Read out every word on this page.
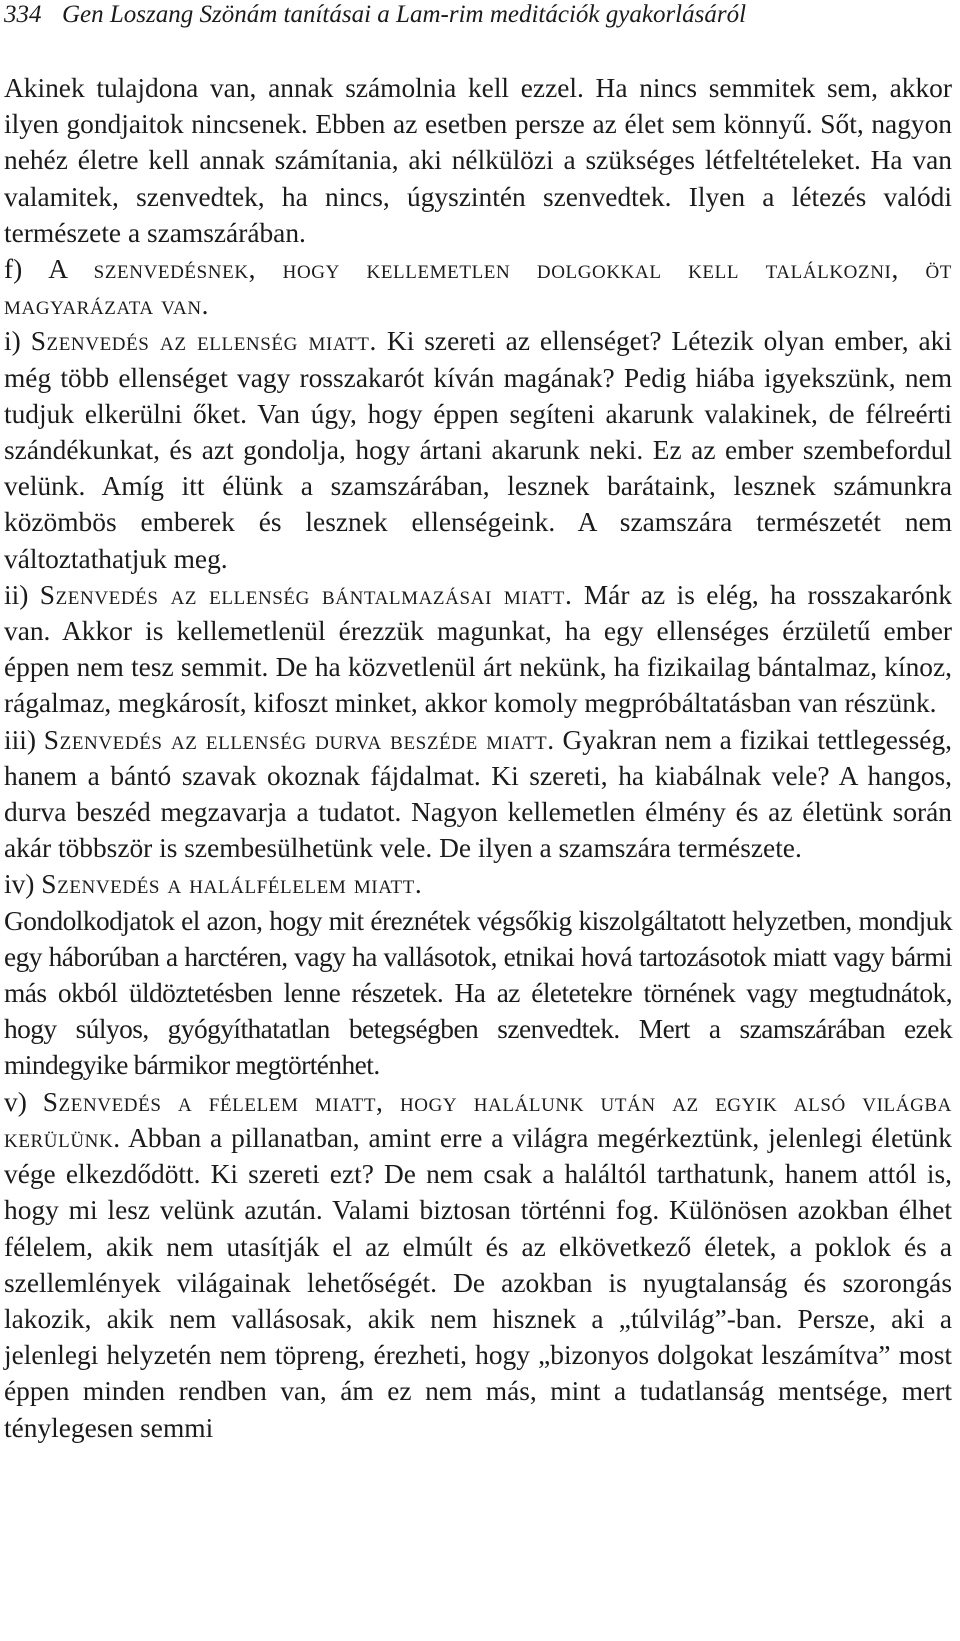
334 Gen Loszang Szönám tanításai a Lam-rim meditációk gyakorlásáról

Akinek tulajdona van, annak számolnia kell ezzel. Ha nincs semmitek sem, akkor ilyen gondjaitok nincsenek. Ebben az esetben persze az élet sem könnyű. Sőt, nagyon nehéz életre kell annak számítania, aki nélkülözi a szükséges létfeltételeket. Ha van valamitek, szenvedtek, ha nincs, úgyszintén szenvedtek. Ilyen a létezés valódi természete a szamszárában.

f) A szenvedésnek, hogy kellemetlen dolgokkal kell találkozni, öt magyarázata van.

i) Szenvedés az ellenség miatt. Ki szereti az ellenséget? Létezik olyan ember, aki még több ellenséget vagy rosszakarót kíván magának? Pedig hiába igyekszünk, nem tudjuk elkerülni őket. Van úgy, hogy éppen segíteni akarunk valakinek, de félreérti szándékunkat, és azt gondolja, hogy ártani akarunk neki. Ez az ember szembefordul velünk. Amíg itt élünk a szamszárában, lesznek barátaink, lesznek számunkra közömbös emberek és lesznek ellenségeink. A szamszára természetét nem változtathatjuk meg.

ii) Szenvedés az ellenség bántalmazásai miatt. Már az is elég, ha rosszakarónk van. Akkor is kellemetlenül érezzük magunkat, ha egy ellenséges érzületű ember éppen nem tesz semmit. De ha közvetlenül árt nekünk, ha fizikailag bántalmaz, kínoz, rágalmaz, megkárosít, kifoszt minket, akkor komoly megpróbáltatásban van részünk.

iii) Szenvedés az ellenség durva beszéde miatt. Gyakran nem a fizikai tettlegesség, hanem a bántó szavak okoznak fájdalmat. Ki szereti, ha kiabálnak vele? A hangos, durva beszéd megzavarja a tudatot. Nagyon kellemetlen élmény és az életünk során akár többször is szembesülhetünk vele. De ilyen a szamszára természete.

iv) Szenvedés a halálfélelem miatt.

Gondolkodjatok el azon, hogy mit éreznétek végsőkig kiszolgáltatott helyzetben, mondjuk egy háborúban a harctéren, vagy ha vallásotok, etnikai hová tartozásotok miatt vagy bármi más okból üldöztetésben lenne részetek. Ha az életetekre törnének vagy megtudnátok, hogy súlyos, gyógyíthatatlan betegségben szenvedtek. Mert a szamszárában ezek mindegyike bármikor megtörténhet.

v) Szenvedés a félelem miatt, hogy halálunk után az egyik alsó világba kerülünk. Abban a pillanatban, amint erre a világra megérkeztünk, jelenlegi életünk vége elkezdődött. Ki szereti ezt? De nem csak a haláltól tarthatunk, hanem attól is, hogy mi lesz velünk azután. Valami biztosan történni fog. Különösen azokban élhet félelem, akik nem utasítják el az elmúlt és az elkövetkező életek, a poklok és a szellemlények világainak lehetőségét. De azokban is nyugtalanság és szorongás lakozik, akik nem vallásosak, akik nem hisznek a „túlvilág”-ban. Persze, aki a jelenlegi helyzetén nem töpreng, érezheti, hogy „bizonyos dolgokat leszámítva” most éppen minden rendben van, ám ez nem más, mint a tudatlanság mentsége, mert ténylegesen semmi
